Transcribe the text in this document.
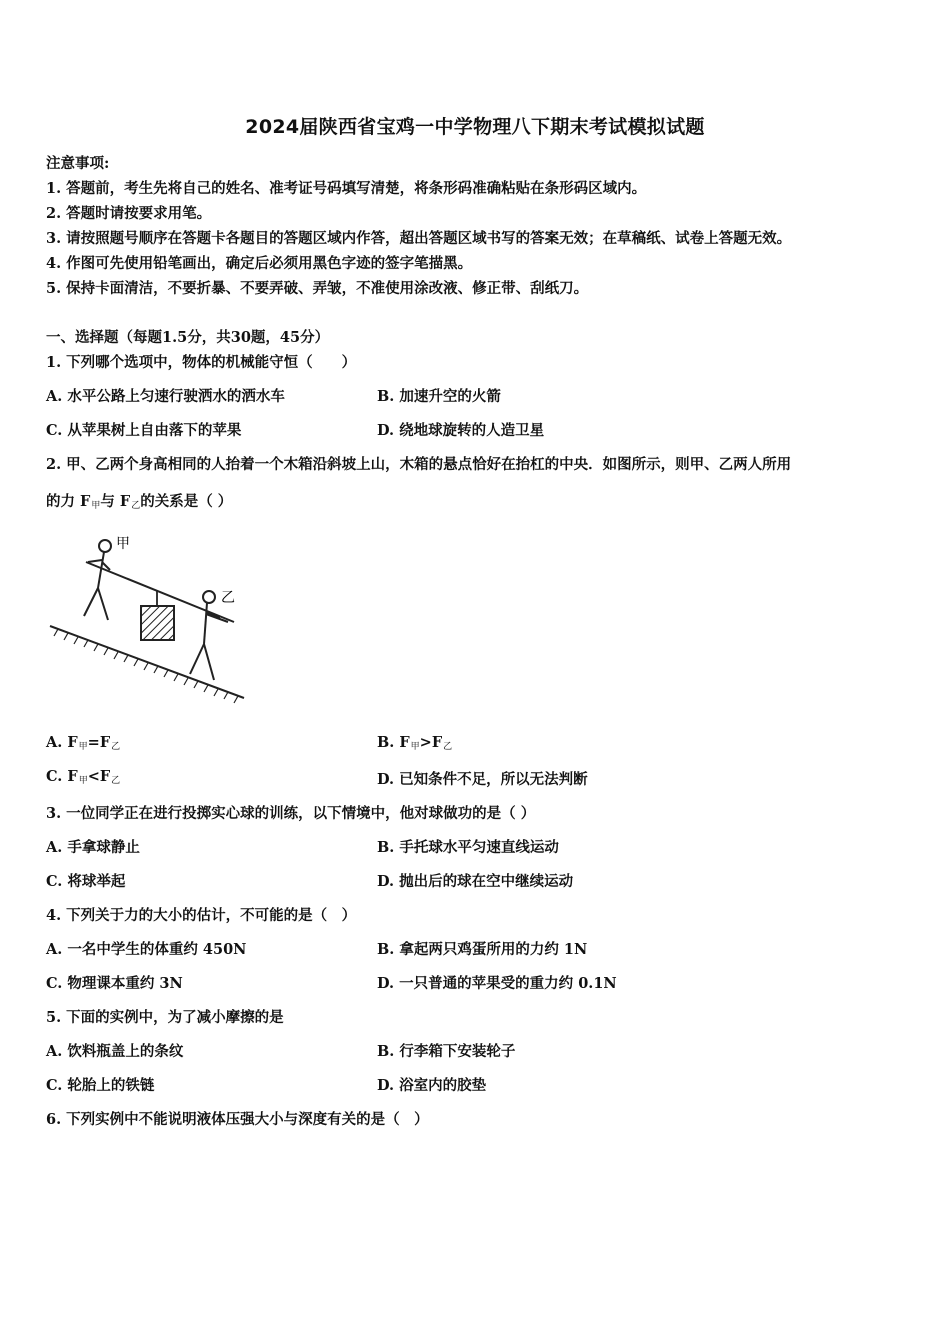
2024届陕西省宝鸡一中学物理八下期末考试模拟试题
注意事项:
1. 答题前，考生先将自己的姓名、准考证号码填写清楚，将条形码准确粘贴在条形码区域内。
2. 答题时请按要求用笔。
3. 请按照题号顺序在答题卡各题目的答题区域内作答，超出答题区域书写的答案无效；在草稿纸、试卷上答题无效。
4. 作图可先使用铅笔画出，确定后必须用黑色字迹的签字笔描黑。
5. 保持卡面清洁，不要折暴、不要弄破、弄皱，不准使用涂改液、修正带、刮纸刀。
一、选择题（每题1.5分，共30题，45分）
1. 下列哪个选项中，物体的机械能守恒（　　）
A. 水平公路上匀速行驶洒水的洒水车	B. 加速升空的火箭
C. 从苹果树上自由落下的苹果	D. 绕地球旋转的人造卫星
2. 甲、乙两个身高相同的人抬着一个木箱沿斜坡上山，木箱的悬点恰好在抬杠的中央．如图所示，则甲、乙两人所用
的力 $F_甲$与 $F_乙$的关系是（ ）
甲
乙
A. $F_甲=F_乙$	B. $F_甲>F_乙$
C. $F_甲<F_乙$	D. 已知条件不足，所以无法判断
3. 一位同学正在进行投掷实心球的训练，以下情境中，他对球做功的是（ ）
A. 手拿球静止	B. 手托球水平匀速直线运动
C. 将球举起	D. 抛出后的球在空中继续运动
4. 下列关于力的大小的估计，不可能的是（　）
A. 一名中学生的体重约 450N	B. 拿起两只鸡蛋所用的力约 1N
C. 物理课本重约 3N	D. 一只普通的苹果受的重力约 0.1N
5. 下面的实例中，为了减小摩擦的是
A. 饮料瓶盖上的条纹	B. 行李箱下安装轮子
C. 轮胎上的铁链	D. 浴室内的胶垫
6. 下列实例中不能说明液体压强大小与深度有关的是（　）
